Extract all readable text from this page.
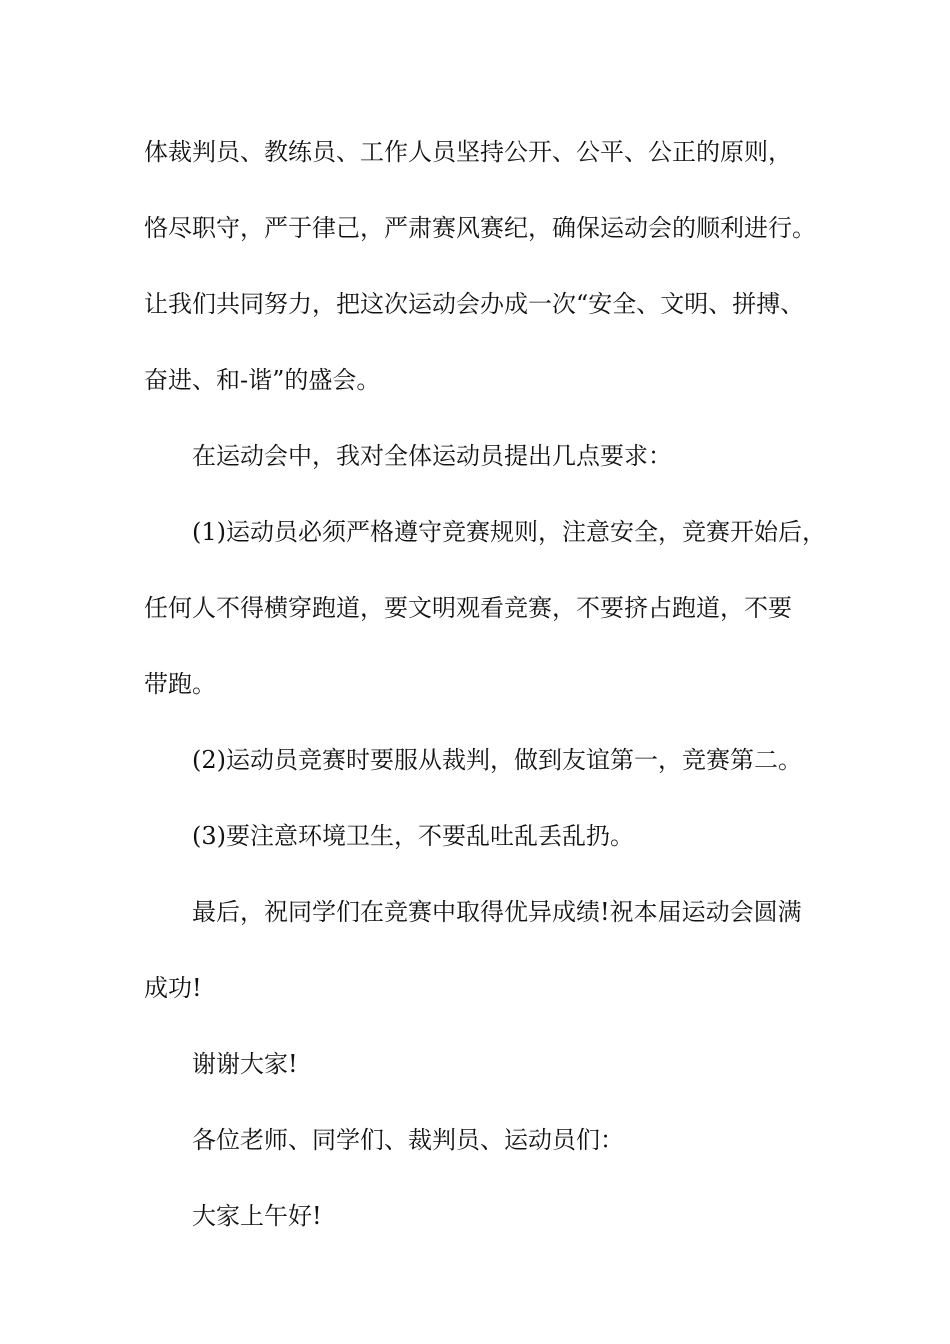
体裁判员、教练员、工作人员坚持公开、公平、公正的原则，
恪尽职守，严于律己，严肃赛风赛纪，确保运动会的顺利进行。
让我们共同努力，把这次运动会办成一次“安全、文明、拼搏、
奋进、和-谐”的盛会。
在运动会中，我对全体运动员提出几点要求：
(1)运动员必须严格遵守竞赛规则，注意安全，竞赛开始后，
任何人不得横穿跑道，要文明观看竞赛，不要挤占跑道，不要
带跑。
(2)运动员竞赛时要服从裁判，做到友谊第一，竞赛第二。
(3)要注意环境卫生，不要乱吐乱丢乱扔。
最后，祝同学们在竞赛中取得优异成绩!祝本届运动会圆满
成功!
谢谢大家!
各位老师、同学们、裁判员、运动员们：
大家上午好!
